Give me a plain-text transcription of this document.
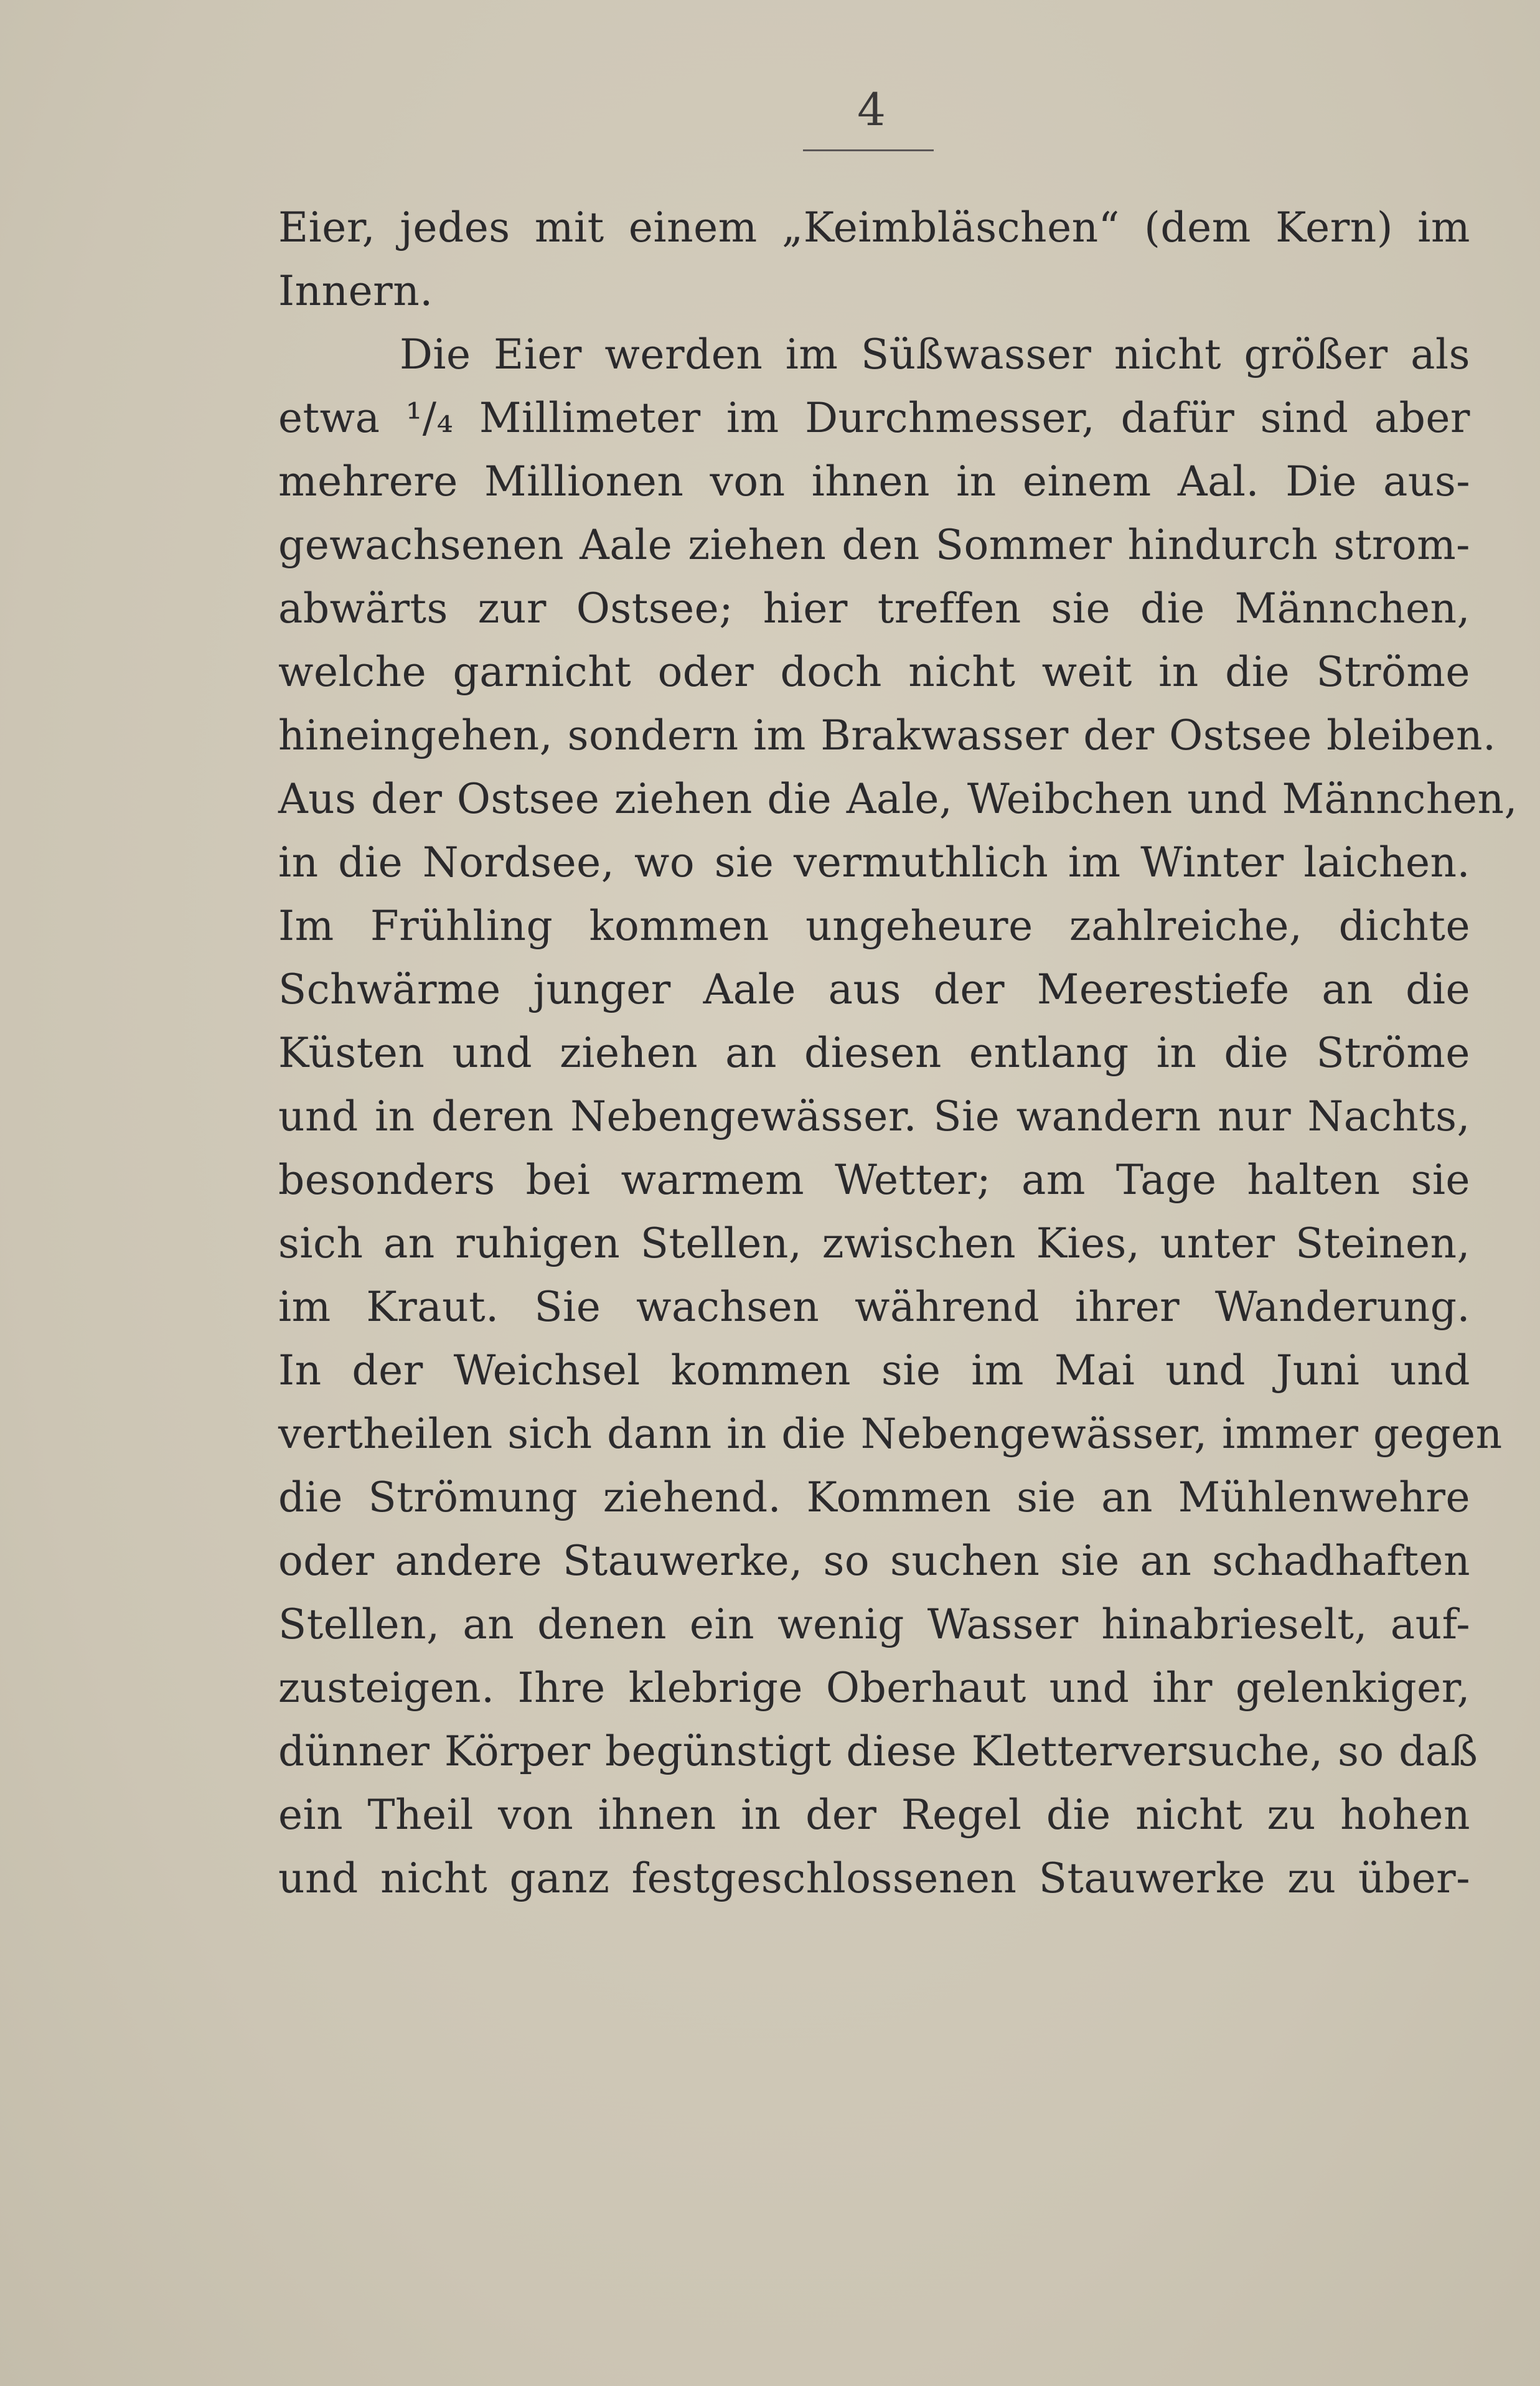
4
Eier, jedes mit einem „Keimbläschen“ (dem Kern) im
Innern.
Die Eier werden im Süßwasser nicht größer als
etwa ¹/₄ Millimeter im Durchmesser, dafür sind aber
mehrere Millionen von ihnen in einem Aal. Die aus-
gewachsenen Aale ziehen den Sommer hindurch strom-
abwärts zur Ostsee; hier treffen sie die Männchen,
welche garnicht oder doch nicht weit in die Ströme
hineingehen, sondern im Brakwasser der Ostsee bleiben.
Aus der Ostsee ziehen die Aale, Weibchen und Männchen,
in die Nordsee, wo sie vermuthlich im Winter laichen.
Im Frühling kommen ungeheure zahlreiche, dichte
Schwärme junger Aale aus der Meerestiefe an die
Küsten und ziehen an diesen entlang in die Ströme
und in deren Nebengewässer. Sie wandern nur Nachts,
besonders bei warmem Wetter; am Tage halten sie
sich an ruhigen Stellen, zwischen Kies, unter Steinen,
im Kraut. Sie wachsen während ihrer Wanderung.
In der Weichsel kommen sie im Mai und Juni und
vertheilen sich dann in die Nebengewässer, immer gegen
die Strömung ziehend. Kommen sie an Mühlenwehre
oder andere Stauwerke, so suchen sie an schadhaften
Stellen, an denen ein wenig Wasser hinabrieselt, auf-
zusteigen. Ihre klebrige Oberhaut und ihr gelenkiger,
dünner Körper begünstigt diese Kletterversuche, so daß
ein Theil von ihnen in der Regel die nicht zu hohen
und nicht ganz festgeschlossenen Stauwerke zu über-
